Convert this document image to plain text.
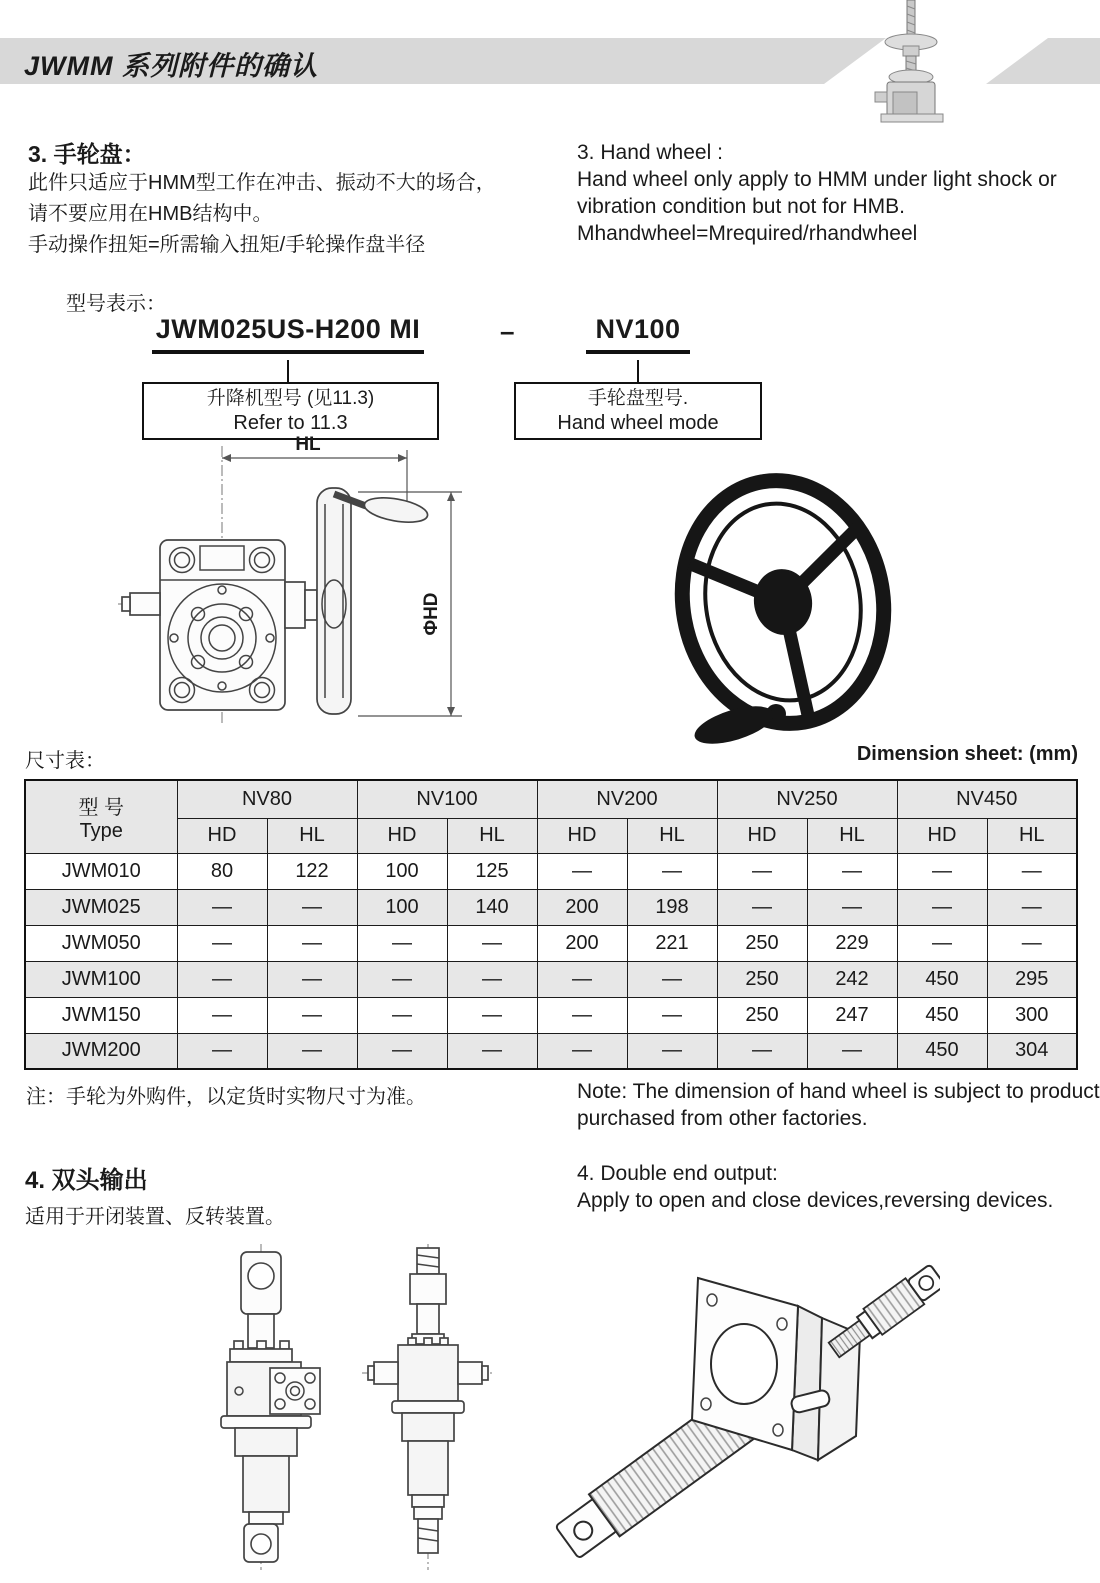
JWMM 系列附件的确认
3. 手轮盘：
此件只适应于HMM型工作在冲击、振动不大的场合，
请不要应用在HMB结构中。
手动操作扭矩=所需输入扭矩/手轮操作盘半径
3. Hand wheel :
Hand wheel only apply to HMM under light shock or
vibration condition but not for HMB.
Mhandwheel=Mrequired/rhandwheel
型号表示：
JWM025US-H200 MI	–	NV100
升降机型号 (见11.3)
Refer to 11.3
手轮盘型号.
Hand wheel mode
HL
ΦHD
尺寸表：	Dimension sheet: (mm)
型 号
Type	NV80		NV100		NV200		NV250		NV450	
	HD	HL	HD	HL	HD	HL	HD	HL	HD	HL
JWM010	80	122	100	125	—	—	—	—	—	—
JWM025	—	—	100	140	200	198	—	—	—	—
JWM050	—	—	—	—	200	221	250	229	—	—
JWM100	—	—	—	—	—	—	250	242	450	295
JWM150	—	—	—	—	—	—	250	247	450	300
JWM200	—	—	—	—	—	—	—	—	450	304
注：手轮为外购件，以定货时实物尺寸为准。	Note: The dimension of hand wheel is subject to product
purchased from other factories.
4. 双头输出
适用于开闭装置、反转装置。
4. Double end output:
Apply to open and close devices,reversing devices.
